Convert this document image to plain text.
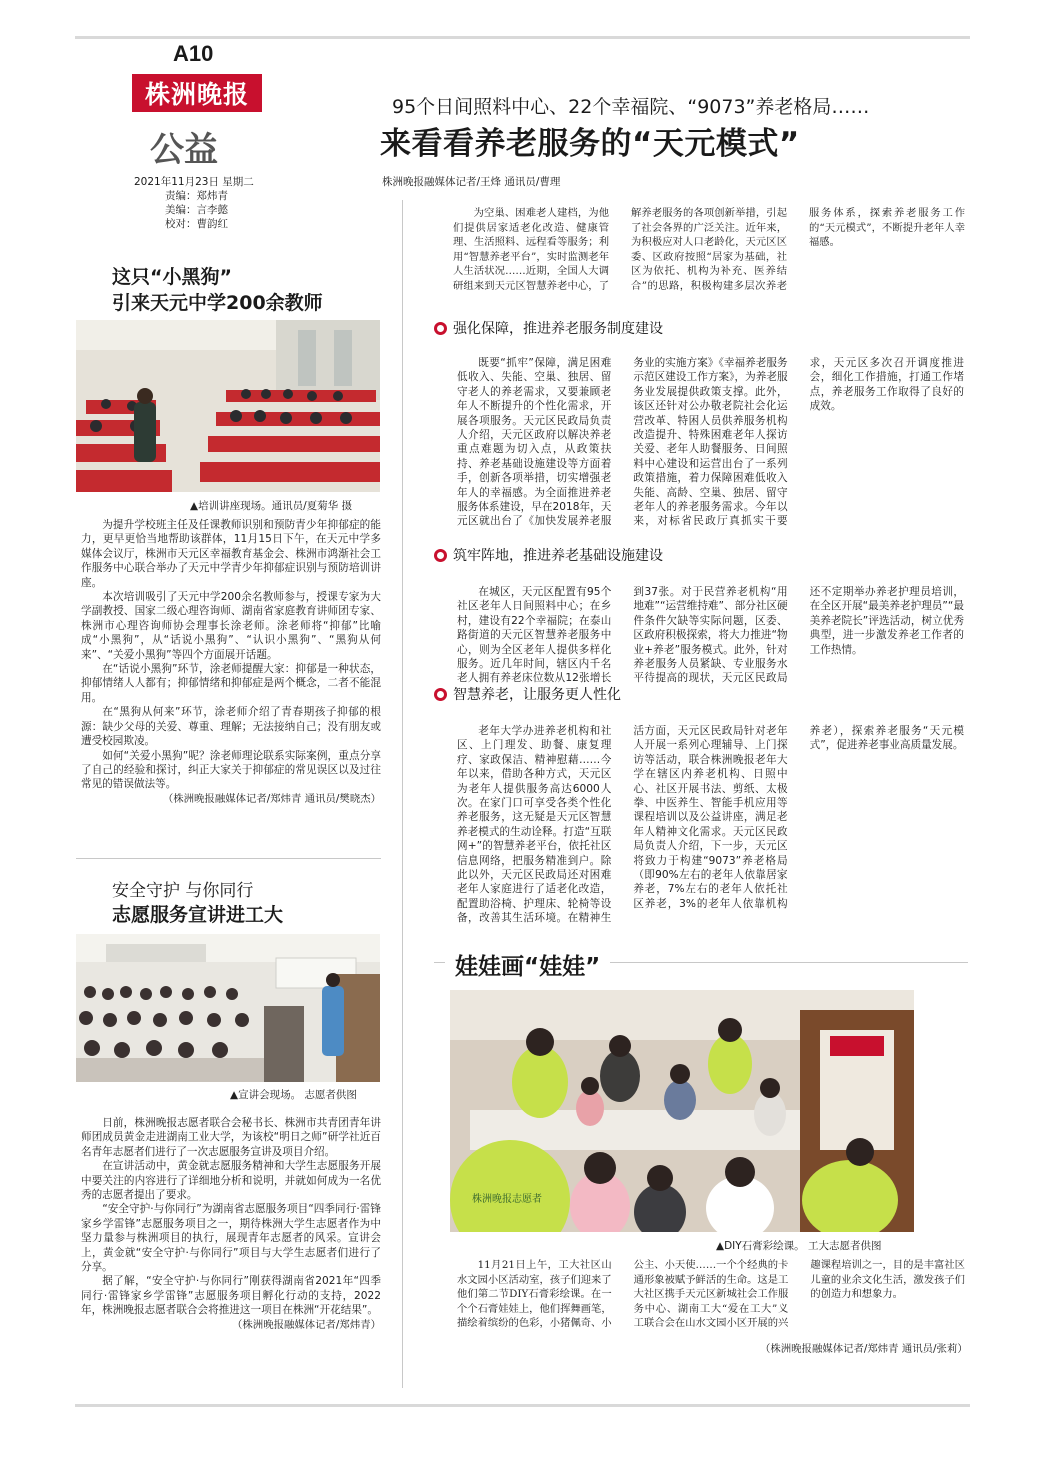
A10
株洲晚报
公益
2021年11月23日 星期二
责编：郑炜青
美编：言李懿
校对：曹韵红
95个日间照料中心、22个幸福院、“9073”养老格局……
来看看养老服务的“天元模式”
株洲晚报融媒体记者/王烽 通讯员/曹理

为空巢、困难老人建档，为他们提供居家适老化改造、健康管理、生活照料、远程看等服务；利用“智慧养老平台”，实时监测老年人生活状况……近期，全国人大调研组来到天元区智慧养老中心，了解养老服务的各项创新举措，引起了社会各界的广泛关注。近年来，为积极应对人口老龄化，天元区区委、区政府按照“居家为基础，社区为依托、机构为补充、医养结合”的思路，积极构建多层次养老服务体系，探索养老服务工作的“天元模式”，不断提升老年人幸福感。

强化保障，推进养老服务制度建设

既要“抓牢”保障，满足困难低收入、失能、空巢、独居、留守老人的养老需求，又要兼顾老年人不断提升的个性化需求，开展各项服务。天元区民政局负责人介绍，天元区政府以解决养老重点难题为切入点，从政策扶持、养老基础设施建设等方面着手，创新各项举措，切实增强老年人的幸福感。为全面推进养老服务体系建设，早在2018年，天元区就出台了《加快发展养老服务业的实施方案》《幸福养老服务示范区建设工作方案》，为养老服务业发展提供政策支撑。此外，该区还针对公办敬老院社会化运营改革、特困人员供养服务机构改造提升、特殊困难老年人探访关爱、老年人助餐服务、日间照料中心建设和运营出台了一系列政策措施，着力保障困难低收入失能、高龄、空巢、独居、留守老年人的养老服务需求。今年以来，对标省民政厅真抓实干要求，天元区多次召开调度推进会，细化工作措施，打通工作堵点，养老服务工作取得了良好的成效。

筑牢阵地，推进养老基础设施建设

在城区，天元区配置有95个社区老年人日间照料中心；在乡村，建设有22个幸福院；在泰山路街道的天元区智慧养老服务中心，则为全区老年人提供多样化服务。近几年时间，辖区内千名老人拥有养老床位数从12张增长到37张。对于民营养老机构“用地难”“运营维持难”、部分社区硬件条件欠缺等实际问题，区委、区政府积极探索，将大力推进“物业+养老”服务模式。此外，针对养老服务人员紧缺、专业服务水平待提高的现状，天元区民政局还不定期举办养老护理员培训，在全区开展“最美养老护理员”“最美养老院长”评选活动，树立优秀典型，进一步激发养老工作者的工作热情。

智慧养老，让服务更人性化

老年大学办进养老机构和社区、上门理发、助餐、康复理疗、家政保洁、精神慰藉……今年以来，借助各种方式，天元区为老年人提供服务高达6000人次。在家门口可享受各类个性化养老服务，这无疑是天元区智慧养老模式的生动诠释。打造“互联网+”的智慧养老平台，依托社区信息网络，把服务精准到户。除此以外，天元区民政局还对困难老年人家庭进行了适老化改造，配置助浴椅、护理床、轮椅等设备，改善其生活环境。在精神生活方面，天元区民政局针对老年人开展一系列心理辅导、上门探访等活动，联合株洲晚报老年大学在辖区内养老机构、日照中心、社区开展书法、剪纸、太极拳、中医养生、智能手机应用等课程培训以及公益讲座，满足老年人精神文化需求。天元区民政局负责人介绍，下一步，天元区将致力于构建“9073”养老格局（即90%左右的老年人依靠居家养老，7%左右的老年人依托社区养老，3%的老年人依靠机构养老），探索养老服务“天元模式”，促进养老事业高质量发展。

这只“小黑狗”
引来天元中学200余教师
▲培训讲座现场。通讯员/夏菊华 摄

为提升学校班主任及任课教师识别和预防青少年抑郁症的能力，更早更恰当地帮助该群体，11月15日下午，在天元中学多媒体会议厅，株洲市天元区幸福教育基金会、株洲市鸿渐社会工作服务中心联合举办了天元中学青少年抑郁症识别与预防培训讲座。

本次培训吸引了天元中学200余名教师参与，授课专家为大学副教授、国家二级心理咨询师、湖南省家庭教育讲师团专家、株洲市心理咨询师协会理事长涂老师。涂老师将“抑郁”比喻成“小黑狗”，从“话说小黑狗”、“认识小黑狗”、“黑狗从何来”、“关爱小黑狗”等四个方面展开话题。

在“话说小黑狗”环节，涂老师提醒大家：抑郁是一种状态，抑郁情绪人人都有；抑郁情绪和抑郁症是两个概念，二者不能混用。

在“黑狗从何来”环节，涂老师介绍了青春期孩子抑郁的根源：缺少父母的关爱、尊重、理解；无法接纳自己；没有朋友或遭受校园欺凌。

如何“关爱小黑狗”呢？涂老师理论联系实际案例，重点分享了自己的经验和探讨，纠正大家关于抑郁症的常见误区以及过往常见的错误做法等。

（株洲晚报融媒体记者/郑炜青 通讯员/樊晓杰）
安全守护 与你同行
志愿服务宣讲进工大
▲宣讲会现场。 志愿者供图

日前，株洲晚报志愿者联合会秘书长、株洲市共青团青年讲师团成员黄金走进湖南工业大学，为该校“明日之师”研学社近百名青年志愿者们进行了一次志愿服务宣讲及项目介绍。

在宣讲活动中，黄金就志愿服务精神和大学生志愿服务开展中要关注的内容进行了详细地分析和说明，并就如何成为一名优秀的志愿者提出了要求。

“安全守护·与你同行”为湖南省志愿服务项目“四季同行·雷锋家乡学雷锋”志愿服务项目之一，期待株洲大学生志愿者作为中坚力量参与株洲项目的执行，展现青年志愿者的风采。宣讲会上，黄金就“安全守护·与你同行”项目与大学生志愿者们进行了分享。

据了解，“安全守护·与你同行”刚获得湖南省2021年“四季同行·雷锋家乡学雷锋”志愿服务项目孵化行动的支持，2022年，株洲晚报志愿者联合会将推进这一项目在株洲“开花结果”。

（株洲晚报融媒体记者/郑炜青）
娃娃画“娃娃”
株洲晚报志愿者
▲DIY石膏彩绘课。 工大志愿者供图

11月21日上午，工大社区山水文园小区活动室，孩子们迎来了他们第二节DIY石膏彩绘课。在一个个石膏娃娃上，他们挥舞画笔，描绘着缤纷的色彩，小猪佩奇、小公主、小天使……一个个经典的卡通形象被赋予鲜活的生命。这是工大社区携手天元区新城社会工作服务中心、湖南工大“爱在工大”义工联合会在山水文园小区开展的兴趣课程培训之一，目的是丰富社区儿童的业余文化生活，激发孩子们的创造力和想象力。

（株洲晚报融媒体记者/郑炜青 通讯员/张莉）
